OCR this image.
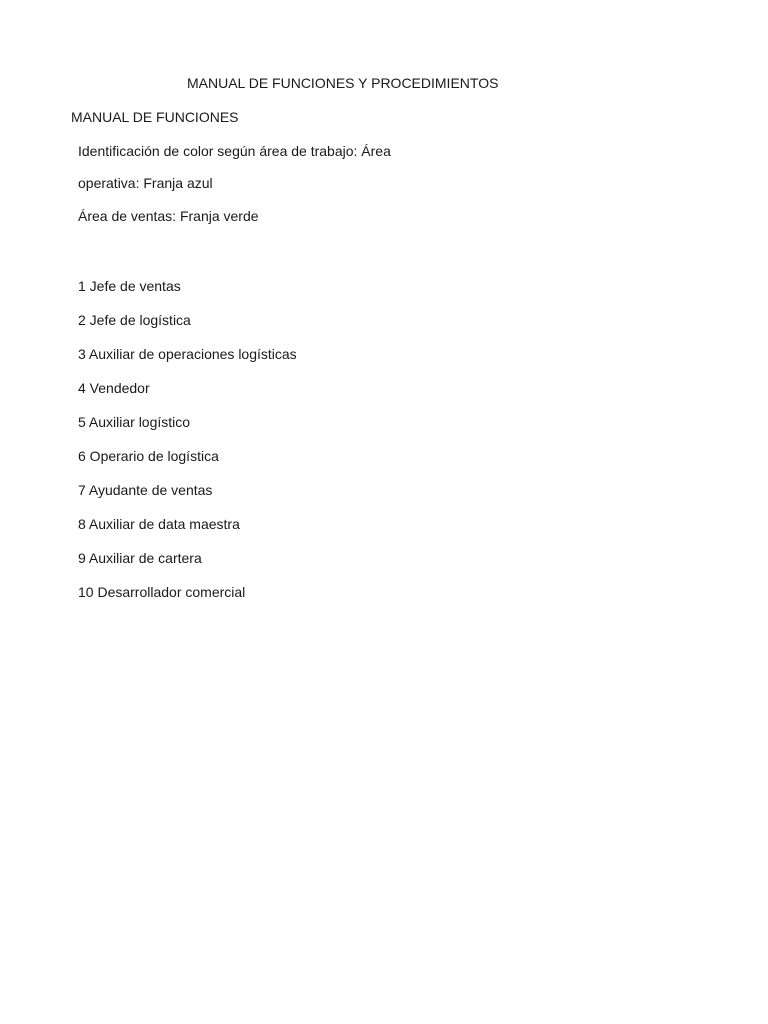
MANUAL DE FUNCIONES Y PROCEDIMIENTOS
MANUAL DE FUNCIONES
Identificación de color según área de trabajo: Área
operativa: Franja azul
Área de ventas: Franja verde
1 Jefe de ventas
2 Jefe de logística
3 Auxiliar de operaciones logísticas
4 Vendedor
5 Auxiliar logístico
6 Operario de logística
7 Ayudante de ventas
8 Auxiliar de data maestra
9 Auxiliar de cartera
10 Desarrollador comercial
